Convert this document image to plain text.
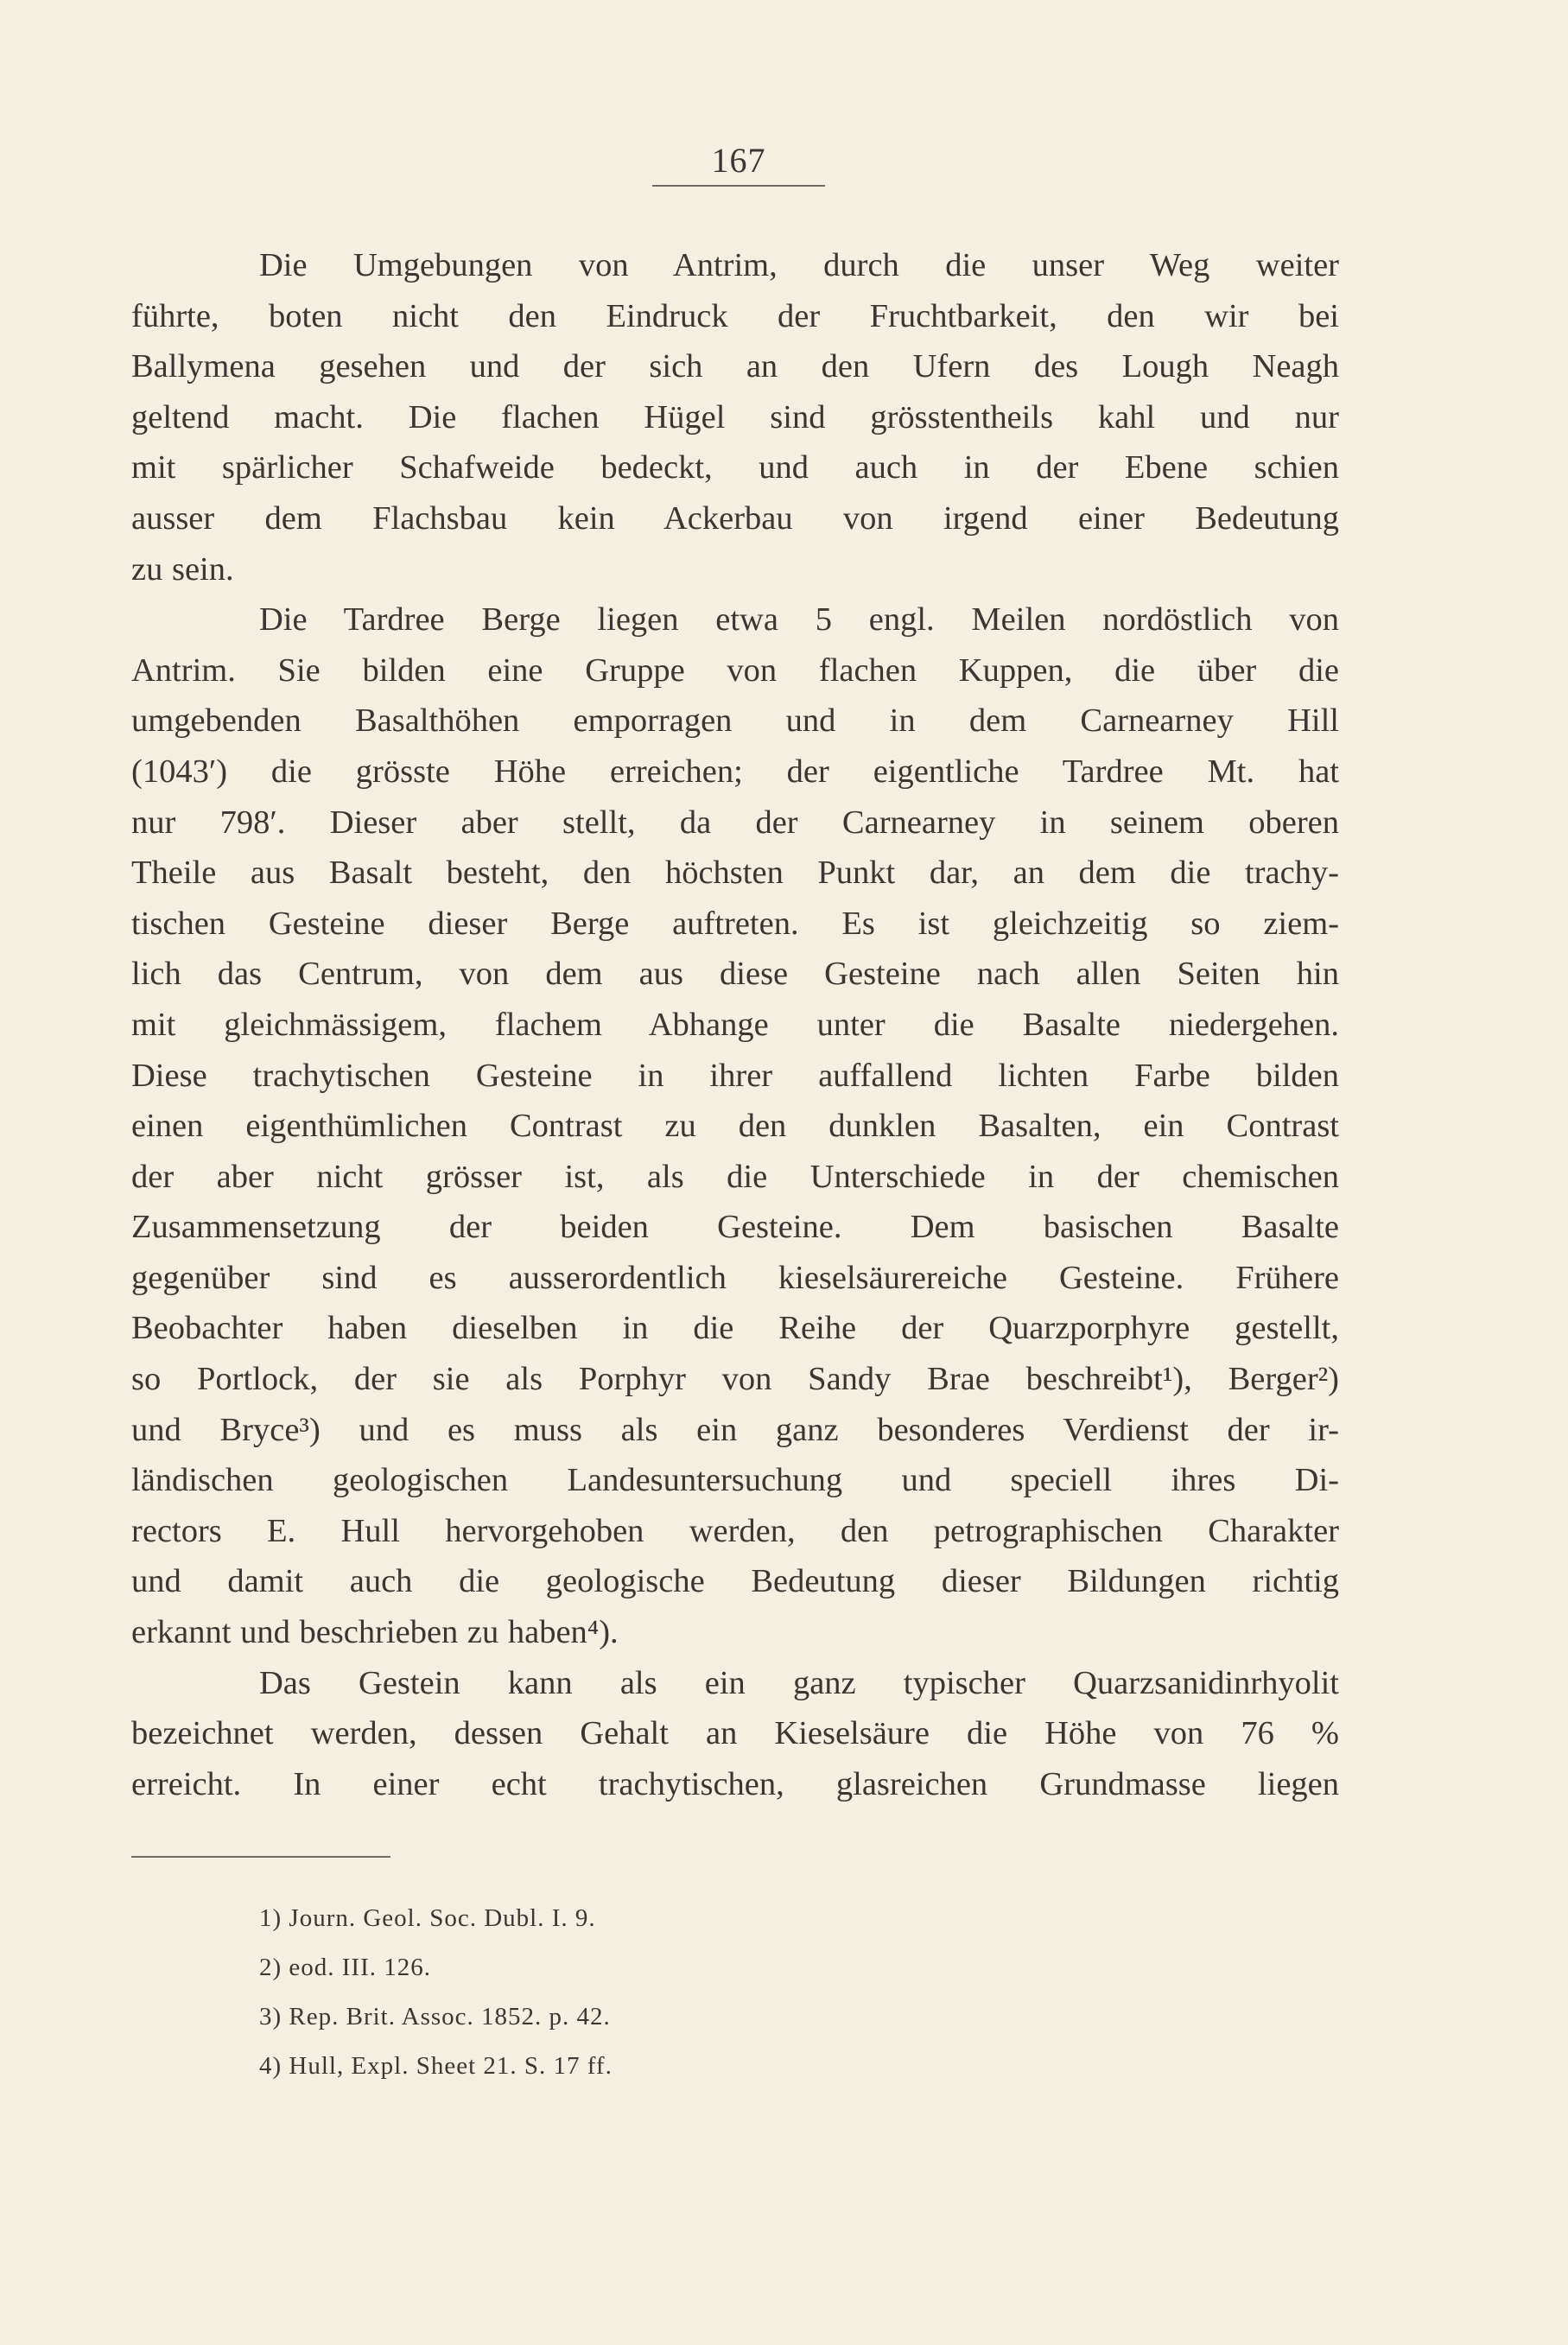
167
Die Umgebungen von Antrim, durch die unser Weg weiter
führte, boten nicht den Eindruck der Fruchtbarkeit, den wir bei
Ballymena gesehen und der sich an den Ufern des Lough Neagh
geltend macht. Die flachen Hügel sind grösstentheils kahl und nur
mit spärlicher Schafweide bedeckt, und auch in der Ebene schien
ausser dem Flachsbau kein Ackerbau von irgend einer Bedeutung
zu sein.
Die Tardree Berge liegen etwa 5 engl. Meilen nordöstlich von
Antrim. Sie bilden eine Gruppe von flachen Kuppen, die über die
umgebenden Basalthöhen emporragen und in dem Carnearney Hill
(1043′) die grösste Höhe erreichen; der eigentliche Tardree Mt. hat
nur 798′. Dieser aber stellt, da der Carnearney in seinem oberen
Theile aus Basalt besteht, den höchsten Punkt dar, an dem die trachy-
tischen Gesteine dieser Berge auftreten. Es ist gleichzeitig so ziem-
lich das Centrum, von dem aus diese Gesteine nach allen Seiten hin
mit gleichmässigem, flachem Abhange unter die Basalte niedergehen.
Diese trachytischen Gesteine in ihrer auffallend lichten Farbe bilden
einen eigenthümlichen Contrast zu den dunklen Basalten, ein Contrast
der aber nicht grösser ist, als die Unterschiede in der chemischen
Zusammensetzung der beiden Gesteine. Dem basischen Basalte
gegenüber sind es ausserordentlich kieselsäurereiche Gesteine. Frühere
Beobachter haben dieselben in die Reihe der Quarzporphyre gestellt,
so Portlock, der sie als Porphyr von Sandy Brae beschreibt¹), Berger²)
und Bryce³) und es muss als ein ganz besonderes Verdienst der ir-
ländischen geologischen Landesuntersuchung und speciell ihres Di-
rectors E. Hull hervorgehoben werden, den petrographischen Charakter
und damit auch die geologische Bedeutung dieser Bildungen richtig
erkannt und beschrieben zu haben⁴).
Das Gestein kann als ein ganz typischer Quarzsanidinrhyolit
bezeichnet werden, dessen Gehalt an Kieselsäure die Höhe von 76 %
erreicht. In einer echt trachytischen, glasreichen Grundmasse liegen
1) Journ. Geol. Soc. Dubl. I. 9.
2) eod. III. 126.
3) Rep. Brit. Assoc. 1852. p. 42.
4) Hull, Expl. Sheet 21. S. 17 ff.
